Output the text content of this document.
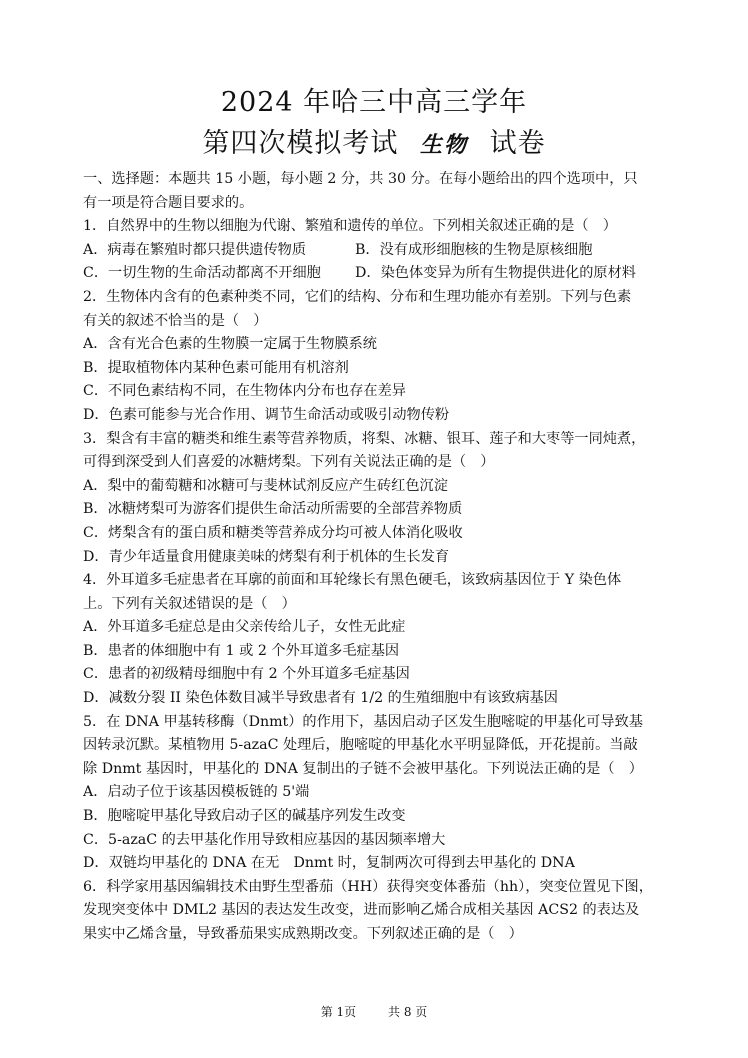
2024 年哈三中高三学年
第四次模拟考试 生物 试卷
一、选择题：本题共 15 小题，每小题 2 分，共 30 分。在每小题给出的四个选项中，只
有一项是符合题目要求的。
1．自然界中的生物以细胞为代谢、繁殖和遗传的单位。下列相关叙述正确的是（　）
A．病毒在繁殖时都只提供遗传物质	B．没有成形细胞核的生物是原核细胞
C．一切生物的生命活动都离不开细胞	D．染色体变异为所有生物提供进化的原材料
2．生物体内含有的色素种类不同，它们的结构、分布和生理功能亦有差别。下列与色素
有关的叙述不恰当的是（　）
A．含有光合色素的生物膜一定属于生物膜系统
B．提取植物体内某种色素可能用有机溶剂
C．不同色素结构不同，在生物体内分布也存在差异
D．色素可能参与光合作用、调节生命活动或吸引动物传粉
3．梨含有丰富的糖类和维生素等营养物质，将梨、冰糖、银耳、莲子和大枣等一同炖煮，
可得到深受到人们喜爱的冰糖烤梨。下列有关说法正确的是（　）
A．梨中的葡萄糖和冰糖可与斐林试剂反应产生砖红色沉淀
B．冰糖烤梨可为游客们提供生命活动所需要的全部营养物质
C．烤梨含有的蛋白质和糖类等营养成分均可被人体消化吸收
D．青少年适量食用健康美味的烤梨有利于机体的生长发育
4．外耳道多毛症患者在耳廓的前面和耳轮缘长有黑色硬毛，该致病基因位于 Y 染色体
上。下列有关叙述错误的是（　）
A．外耳道多毛症总是由父亲传给儿子，女性无此症
B．患者的体细胞中有 1 或 2 个外耳道多毛症基因
C．患者的初级精母细胞中有 2 个外耳道多毛症基因
D．减数分裂 II 染色体数目减半导致患者有 1/2 的生殖细胞中有该致病基因
5．在 DNA 甲基转移酶（Dnmt）的作用下，基因启动子区发生胞嘧啶的甲基化可导致基
因转录沉默。某植物用 5-azaC 处理后，胞嘧啶的甲基化水平明显降低，开花提前。当敲
除 Dnmt 基因时，甲基化的 DNA 复制出的子链不会被甲基化。下列说法正确的是（　）
A．启动子位于该基因模板链的 5'端
B．胞嘧啶甲基化导致启动子区的碱基序列发生改变
C．5-azaC 的去甲基化作用导致相应基因的基因频率增大
D．双链均甲基化的 DNA 在无　Dnmt 时，复制两次可得到去甲基化的 DNA
6．科学家用基因编辑技术由野生型番茄（HH）获得突变体番茄（hh），突变位置见下图，
发现突变体中 DML2 基因的表达发生改变，进而影响乙烯合成相关基因 ACS2 的表达及
果实中乙烯含量，导致番茄果实成熟期改变。下列叙述正确的是（　）
第 1页	共 8 页
